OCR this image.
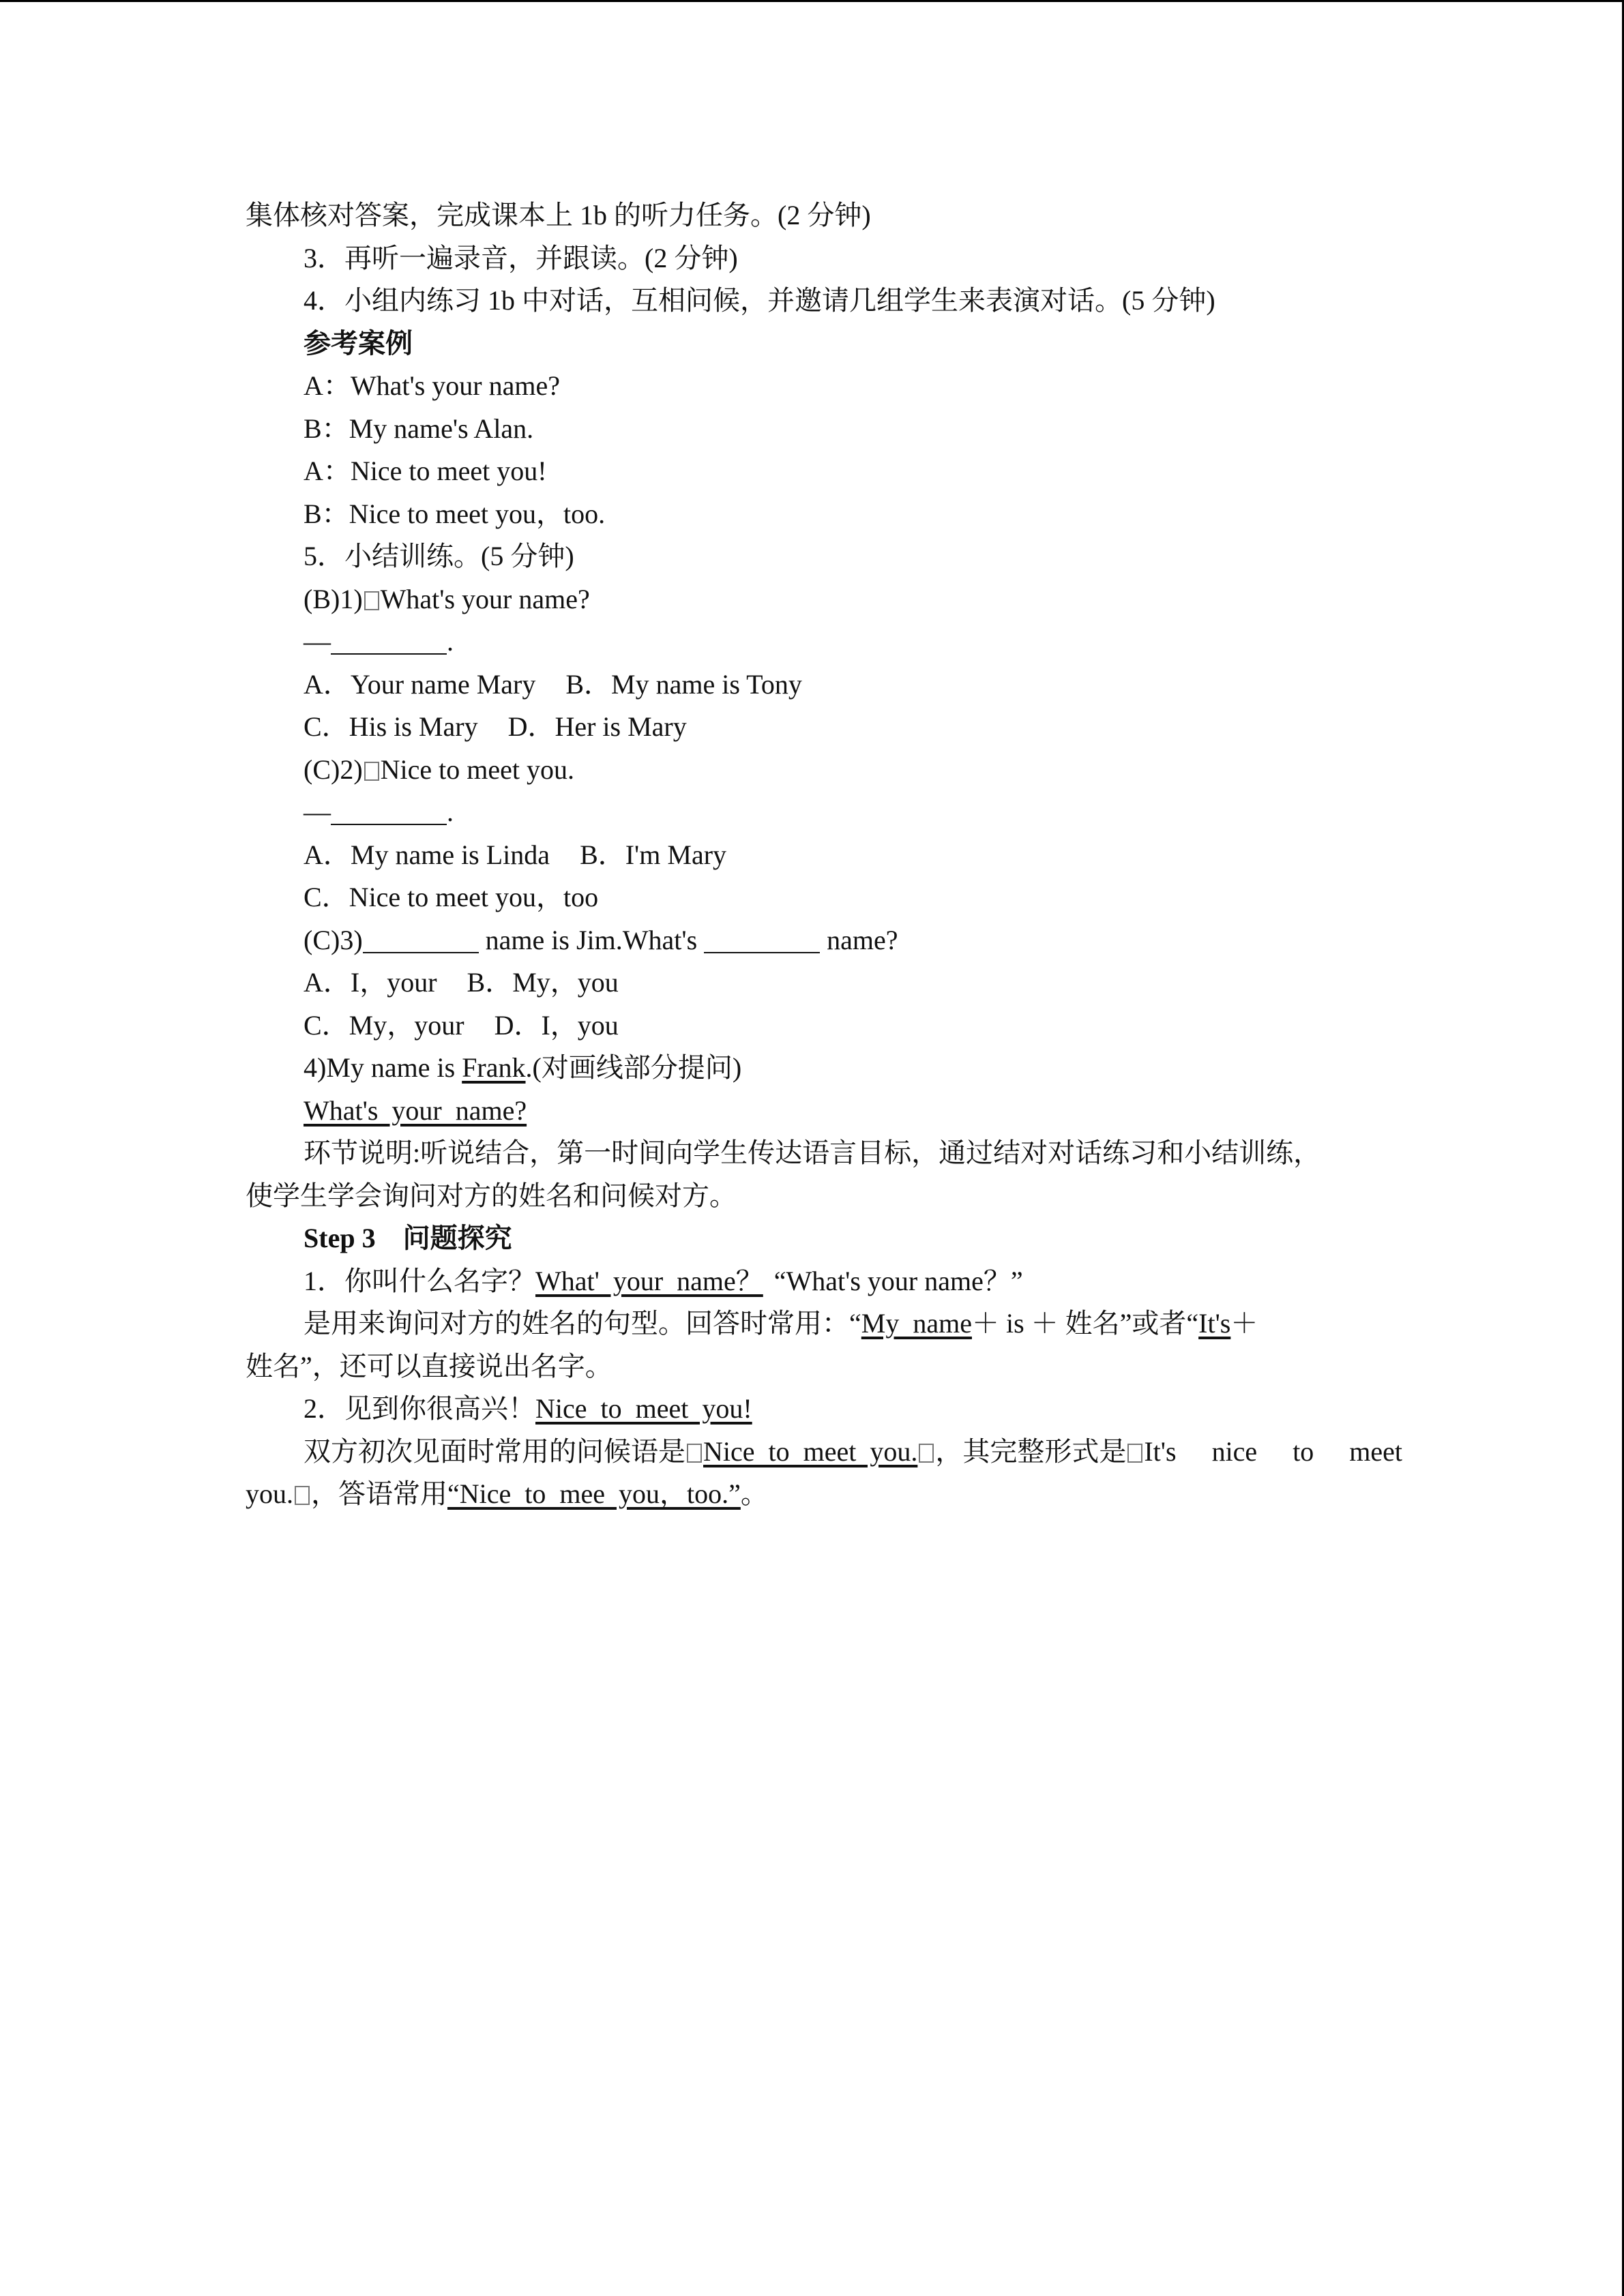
集体核对答案，完成课本上 1b 的听力任务。(2 分钟)
3．再听一遍录音，并跟读。(2 分钟)
4．小组内练习 1b 中对话，互相问候，并邀请几组学生来表演对话。(5 分钟)
参考案例
A：What's your name?
B：My name's Alan.
A：Nice to meet you!
B：Nice to meet you，too.
5．小结训练。(5 分钟)
(B)1) What's your name?
—	.
A．Your name Mary B．My name is Tony
C．His is Mary D．Her is Mary
(C)2) Nice to meet you.
—	.
A．My name is Linda B．I'm Mary
C．Nice to meet you，too
(C)3)	name is Jim.What's	name?
A．I，your B．My，you
C．My，your D．I，you
4)My name is Frank.(对画线部分提问)
What's  your  name?
环节说明:听说结合，第一时间向学生传达语言目标，通过结对对话练习和小结训练，
使学生学会询问对方的姓名和问候对方。
Step 3 问题探究
1．你叫什么名字？What'  your  name？ “What's your name？”
是用来询问对方的姓名的句型。回答时常用：“My  name＋ is ＋ 姓名”或者“It's＋
姓名”，还可以直接说出名字。
2．见到你很高兴！Nice  to  meet  you!
双方初次见面时常用的问候语是 Nice  to  meet  you. ，其完整形式是 It's  nice  to  meet
you. ，答语常用“Nice  to  mee  you，too.”。
